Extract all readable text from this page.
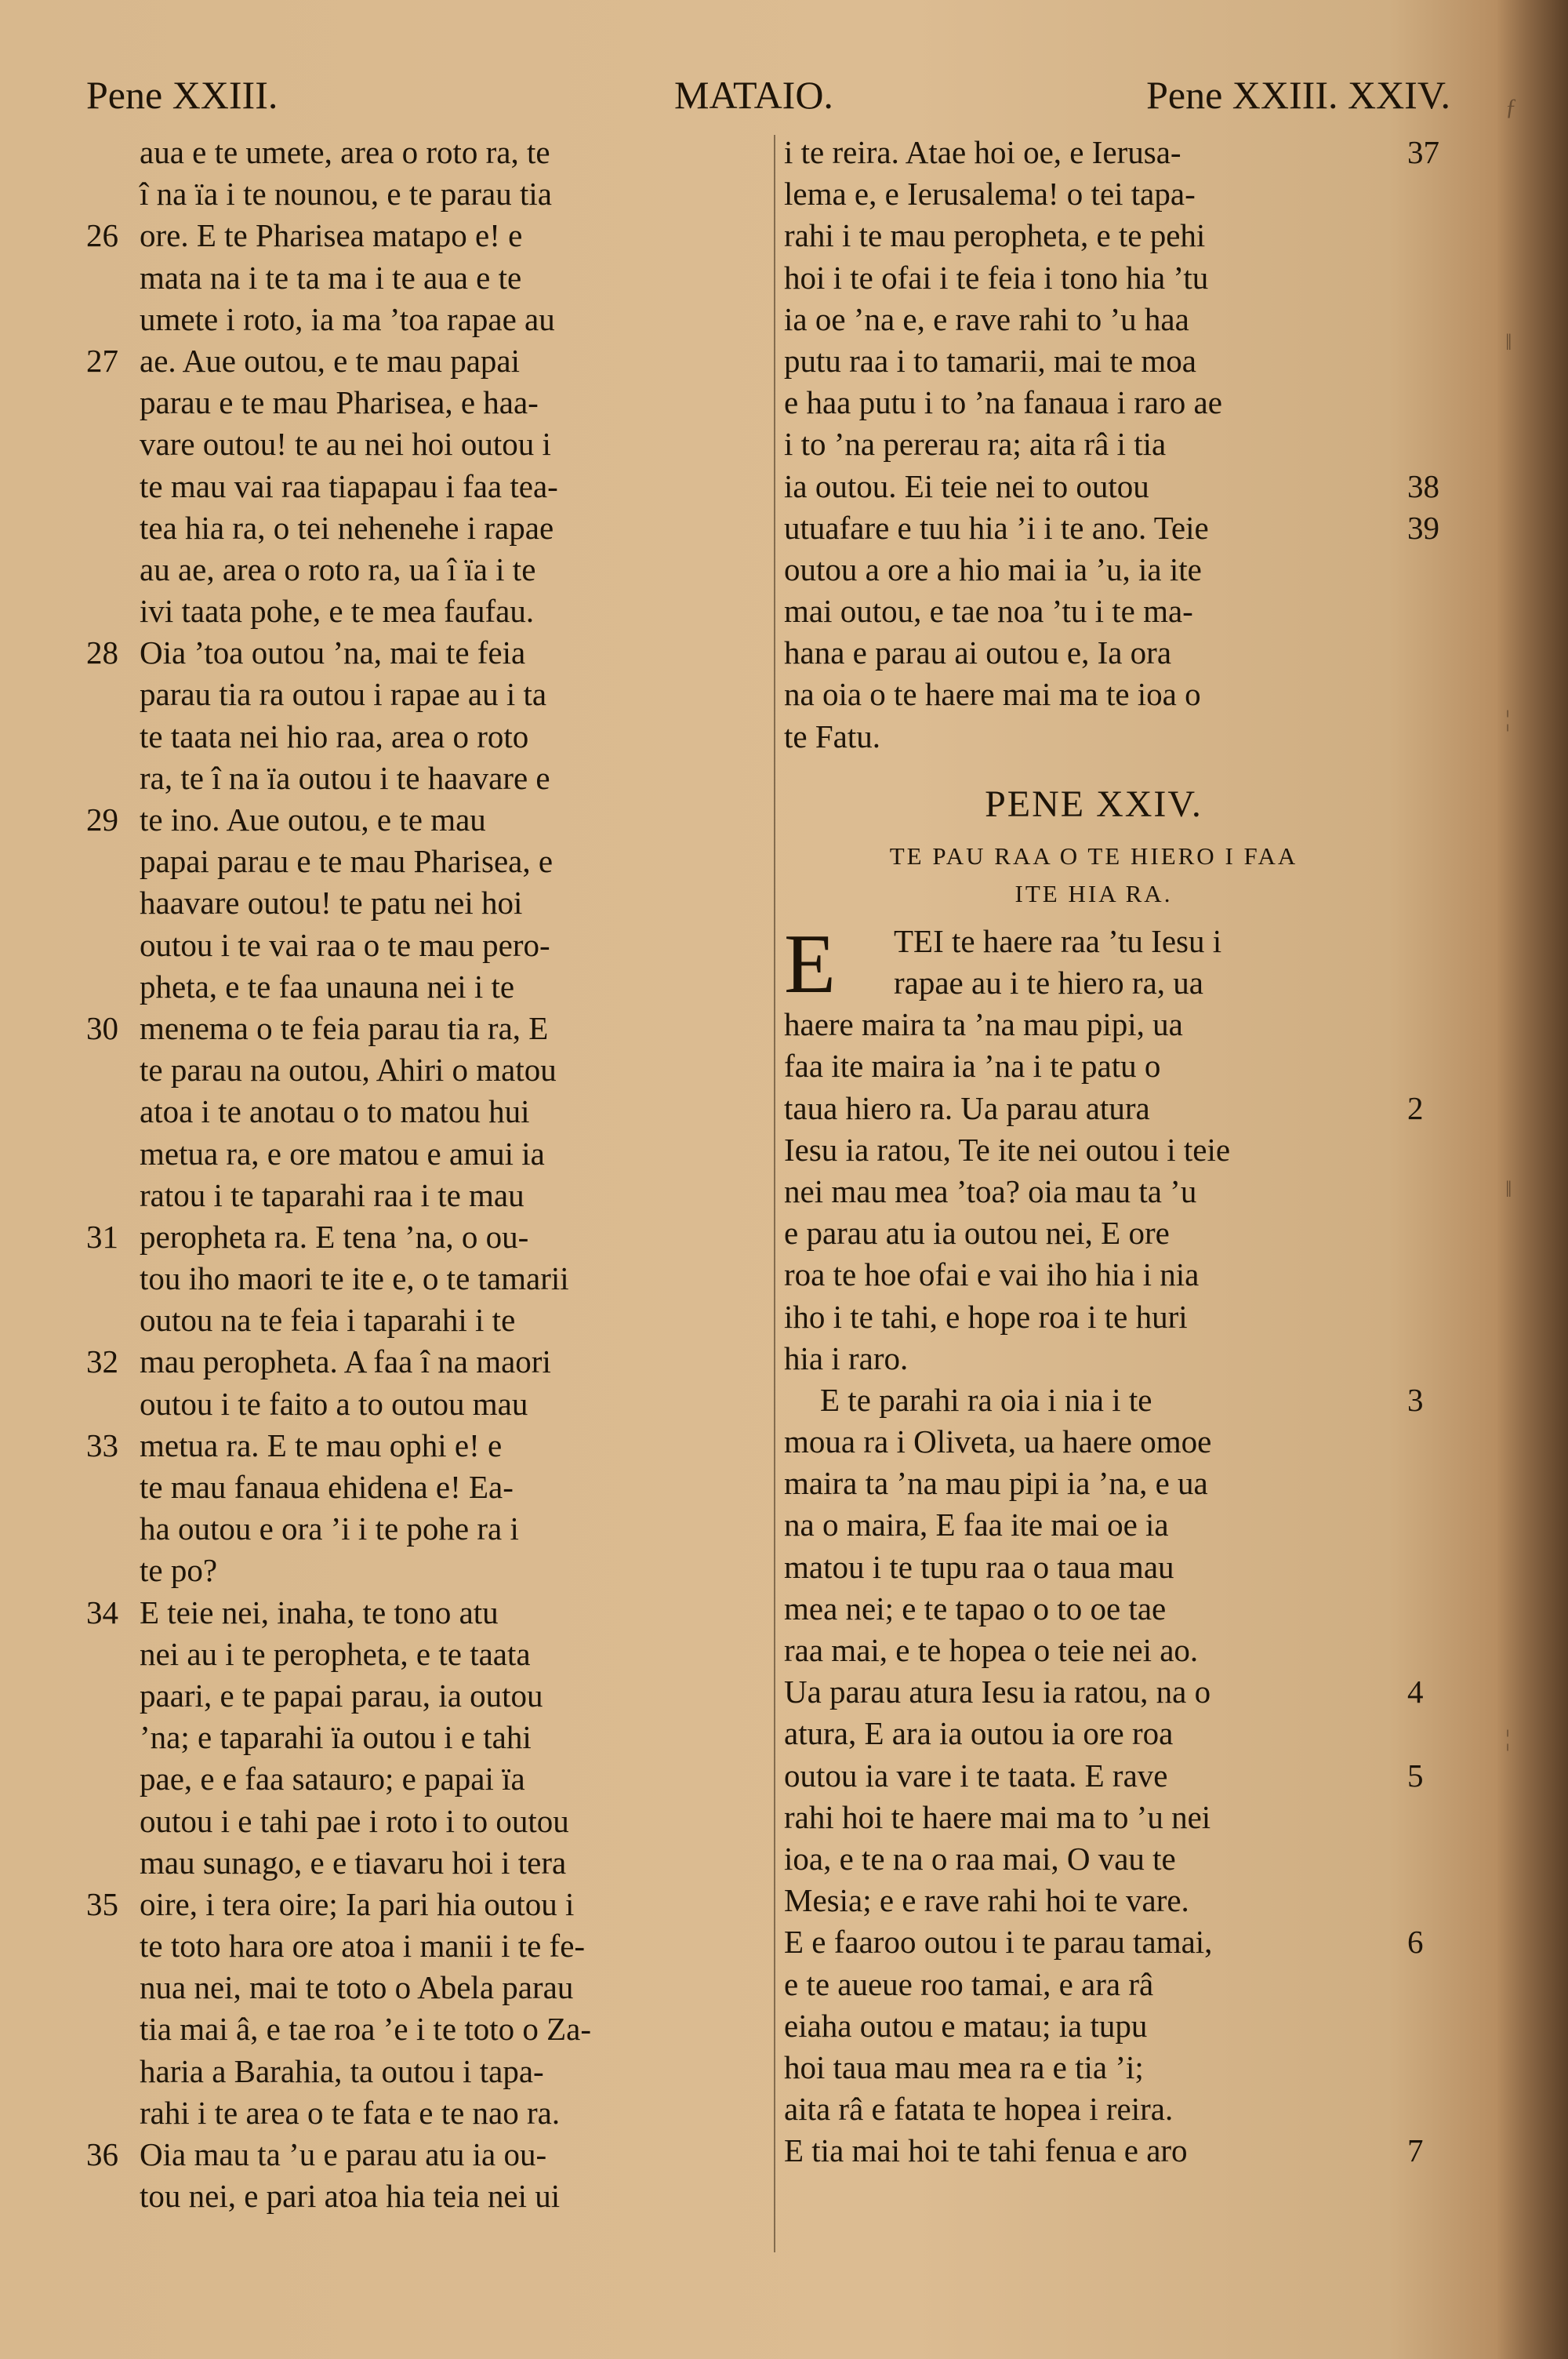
Pene XXIII.	MATAIO.	Pene XXIII. XXIV.
aua e te umete, area o roto ra, te
î na ïa i te nounou, e te parau tia
ore. E te Pharisea matapo e! e
26
mata na i te ta ma i te aua e te
umete i roto, ia ma ’toa rapae au
ae. Aue outou, e te mau papai
27
parau e te mau Pharisea, e haa-
vare outou! te au nei hoi outou i
te mau vai raa tiapapau i faa tea-
tea hia ra, o tei nehenehe i rapae
au ae, area o roto ra, ua î ïa i te
ivi taata pohe, e te mea faufau.
Oia ’toa outou ’na, mai te feia
28
parau tia ra outou i rapae au i ta
te taata nei hio raa, area o roto
ra, te î na ïa outou i te haavare e
te ino. Aue outou, e te mau
29
papai parau e te mau Pharisea, e
haavare outou! te patu nei hoi
outou i te vai raa o te mau pero-
pheta, e te faa unauna nei i te
menema o te feia parau tia ra, E
30
te parau na outou, Ahiri o matou
atoa i te anotau o to matou hui
metua ra, e ore matou e amui ia
ratou i te taparahi raa i te mau
peropheta ra. E tena ’na, o ou-
31
tou iho maori te ite e, o te tamarii
outou na te feia i taparahi i te
mau peropheta. A faa î na maori
32
outou i te faito a to outou mau
metua ra. E te mau ophi e! e
33
te mau fanaua ehidena e! Ea-
ha outou e ora ’i i te pohe ra i
te po?
E teie nei, inaha, te tono atu
34
nei au i te peropheta, e te taata
paari, e te papai parau, ia outou
’na; e taparahi ïa outou i e tahi
pae, e e faa satauro; e papai ïa
outou i e tahi pae i roto i to outou
mau sunago, e e tiavaru hoi i tera
oire, i tera oire; Ia pari hia outou i
35
te toto hara ore atoa i manii i te fe-
nua nei, mai te toto o Abela parau
tia mai â, e tae roa ’e i te toto o Za-
haria a Barahia, ta outou i tapa-
rahi i te area o te fata e te nao ra.
Oia mau ta ’u e parau atu ia ou-
36
tou nei, e pari atoa hia teia nei ui
i te reira. Atae hoi oe, e Ierusa-	37
lema e, e Ierusalema! o tei tapa-
rahi i te mau peropheta, e te pehi
hoi i te ofai i te feia i tono hia ’tu
ia oe ’na e, e rave rahi to ’u haa
putu raa i to tamarii, mai te moa
e haa putu i to ’na fanaua i raro ae
i to ’na pererau ra; aita râ i tia
ia outou. Ei teie nei to outou	38
utuafare e tuu hia ’i i te ano. Teie	39
outou a ore a hio mai ia ’u, ia ite
mai outou, e tae noa ’tu i te ma-
hana e parau ai outou e, Ia ora
na oia o te haere mai ma te ioa o
te Fatu.
PENE XXIV.
TE PAU RAA O TE HIERO I FAA
ITE HIA RA.
E	TEI te haere raa ’tu Iesu i
rapae au i te hiero ra, ua
haere maira ta ’na mau pipi, ua
faa ite maira ia ’na i te patu o
taua hiero ra. Ua parau atura	2
Iesu ia ratou, Te ite nei outou i teie
nei mau mea ’toa? oia mau ta ’u
e parau atu ia outou nei, E ore
roa te hoe ofai e vai iho hia i nia
iho i te tahi, e hope roa i te huri
hia i raro.
E te parahi ra oia i nia i te	3
moua ra i Oliveta, ua haere omoe
maira ta ’na mau pipi ia ’na, e ua
na o maira, E faa ite mai oe ia
matou i te tupu raa o taua mau
mea nei; e te tapao o to oe tae
raa mai, e te hopea o teie nei ao.
Ua parau atura Iesu ia ratou, na o	4
atura, E ara ia outou ia ore roa
outou ia vare i te taata. E rave	5
rahi hoi te haere mai ma to ’u nei
ioa, e te na o raa mai, O vau te
Mesia; e e rave rahi hoi te vare.
E e faaroo outou i te parau tamai,	6
e te aueue roo tamai, e ara râ
eiaha outou e matau; ia tupu
hoi taua mau mea ra e tia ’i;
aita râ e fatata te hopea i reira.
E tia mai hoi te tahi fenua e aro	7
ƒ
‖
¦
‖
¦
